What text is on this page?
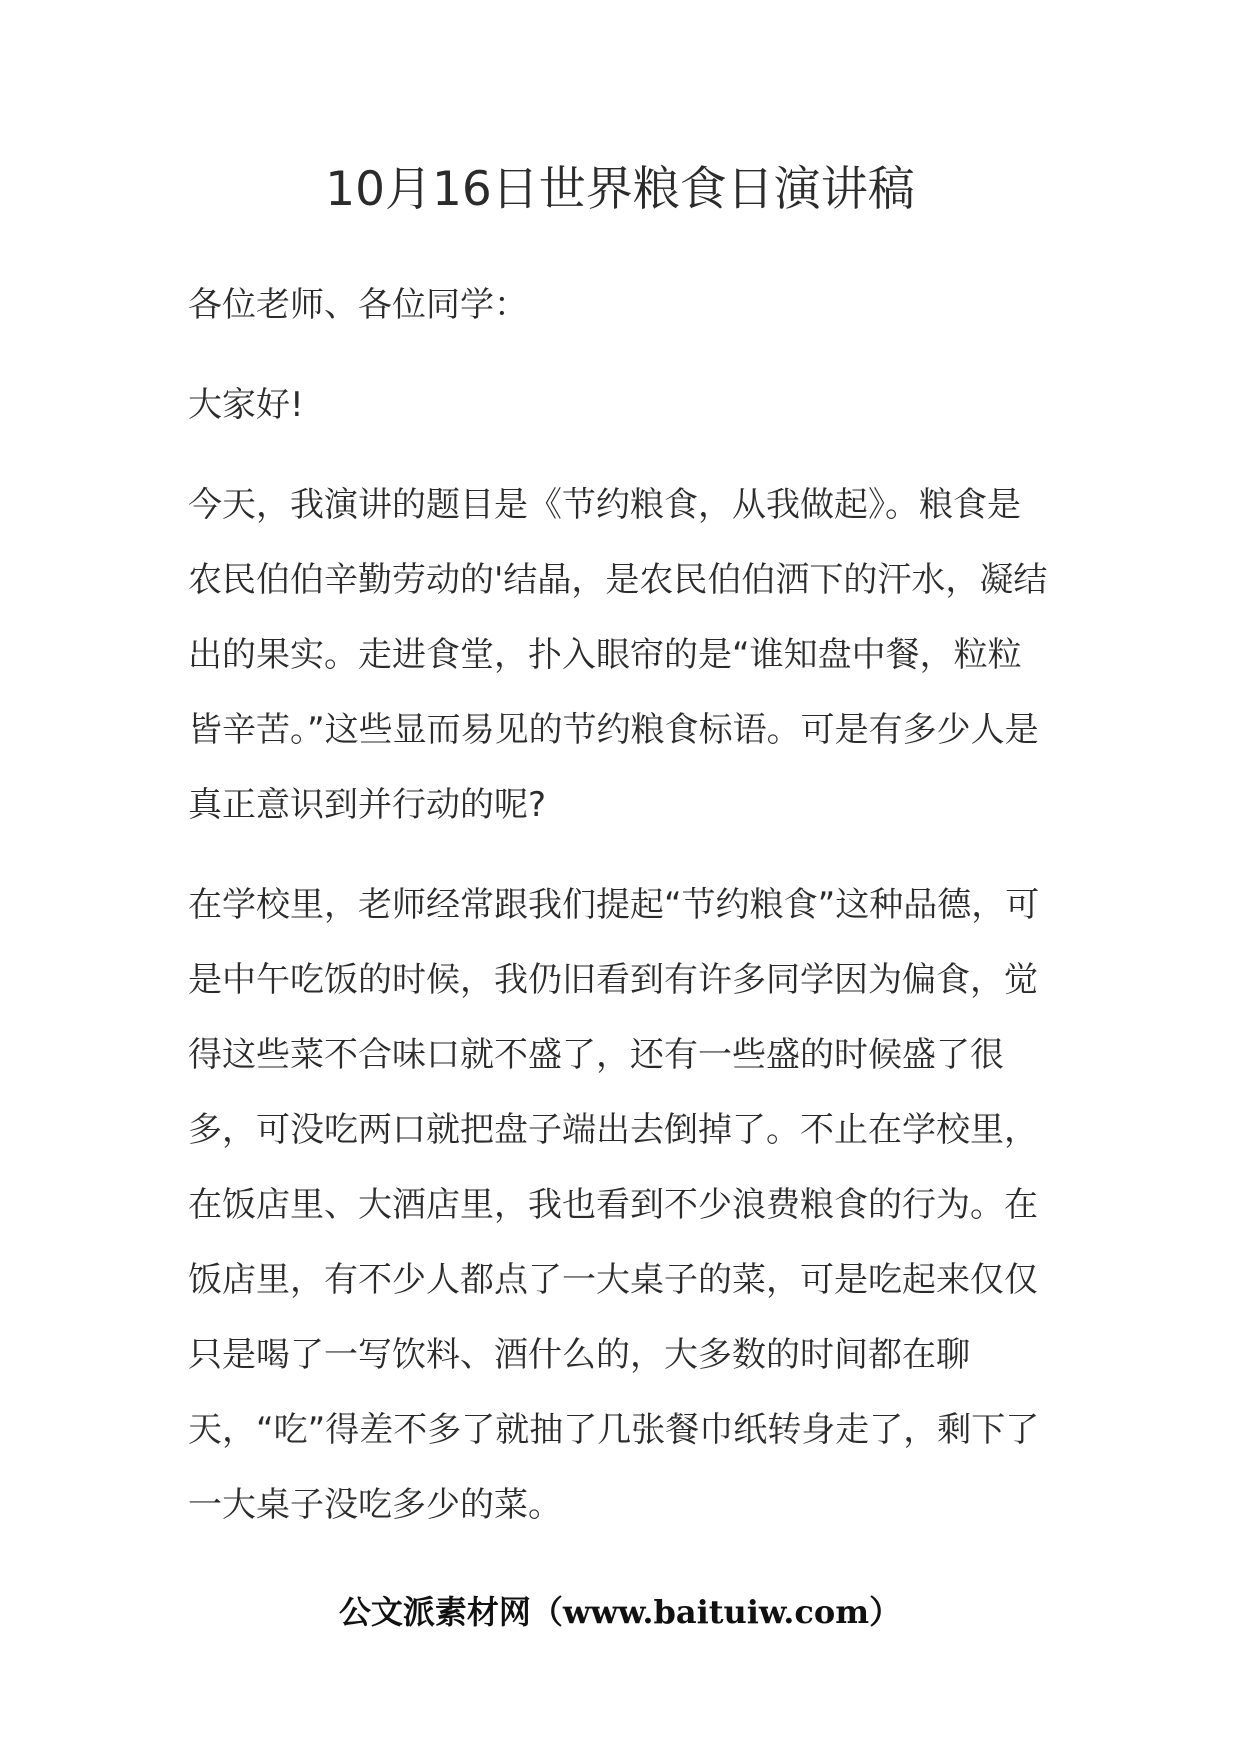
10月16日世界粮食日演讲稿

各位老师、各位同学：

大家好!

今天，我演讲的题目是《节约粮食，从我做起》。粮食是农民伯伯辛勤劳动的'结晶，是农民伯伯洒下的汗水，凝结出的果实。走进食堂，扑入眼帘的是“谁知盘中餐，粒粒皆辛苦。”这些显而易见的节约粮食标语。可是有多少人是真正意识到并行动的呢?

在学校里，老师经常跟我们提起“节约粮食”这种品德，可是中午吃饭的时候，我仍旧看到有许多同学因为偏食，觉得这些菜不合味口就不盛了，还有一些盛的时候盛了很多，可没吃两口就把盘子端出去倒掉了。不止在学校里，在饭店里、大酒店里，我也看到不少浪费粮食的行为。在饭店里，有不少人都点了一大桌子的菜，可是吃起来仅仅只是喝了一写饮料、酒什么的，大多数的时间都在聊天，“吃”得差不多了就抽了几张餐巾纸转身走了，剩下了一大桌子没吃多少的菜。

公文派素材网（www.baituiw.com）
